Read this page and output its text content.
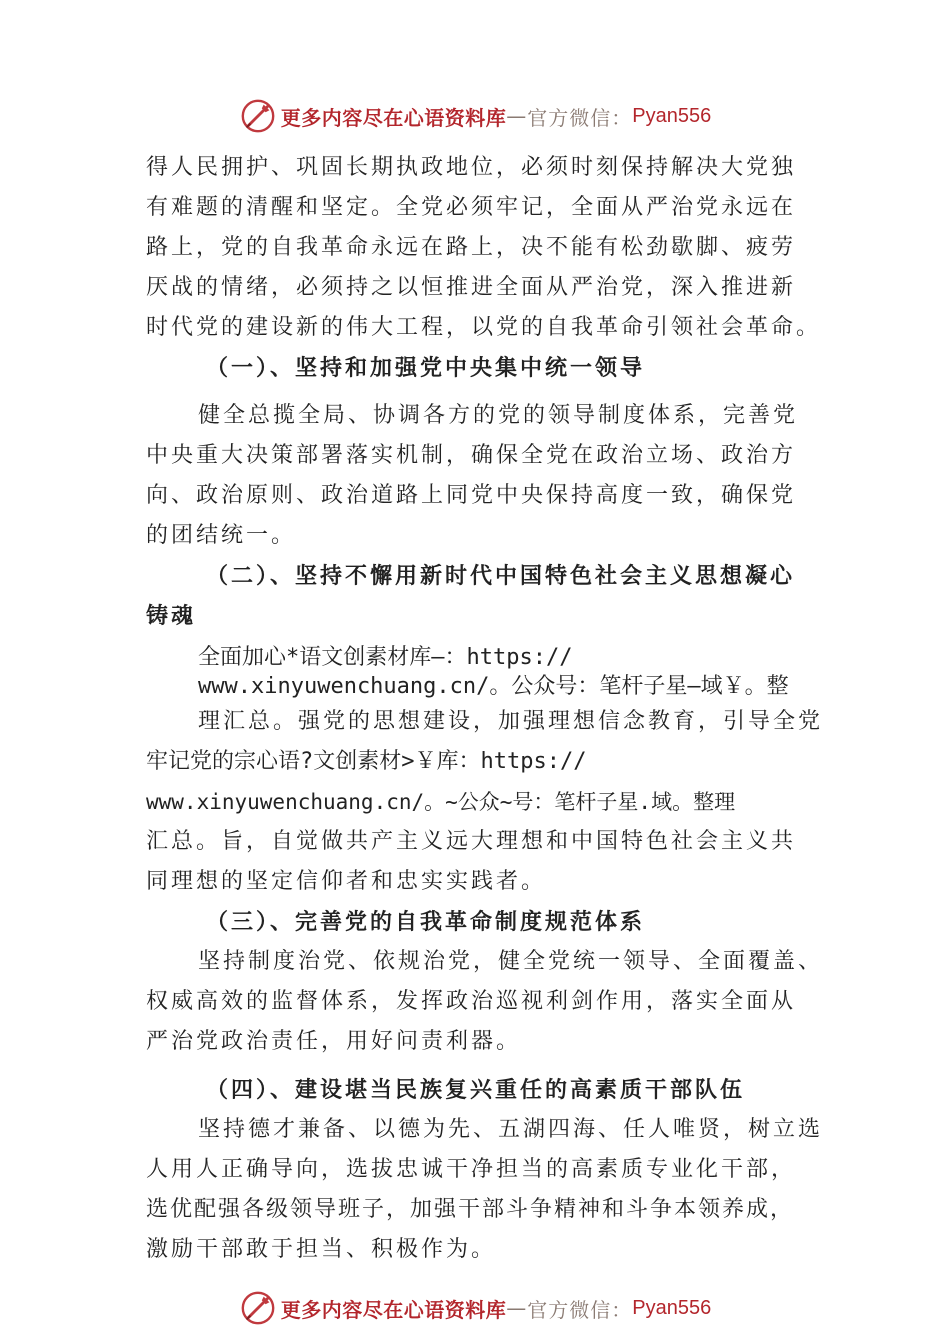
更多内容尽在心语资料库 — 官方微信： Pyan556
得人民拥护、巩固长期执政地位，必须时刻保持解决大党独
有难题的清醒和坚定。全党必须牢记，全面从严治党永远在
路上，党的自我革命永远在路上，决不能有松劲歇脚、疲劳
厌战的情绪，必须持之以恒推进全面从严治党，深入推进新
时代党的建设新的伟大工程，以党的自我革命引领社会革命。
（一）、坚持和加强党中央集中统一领导
健全总揽全局、协调各方的党的领导制度体系，完善党
中央重大决策部署落实机制，确保全党在政治立场、政治方
向、政治原则、政治道路上同党中央保持高度一致，确保党
的团结统一。
（二）、坚持不懈用新时代中国特色社会主义思想凝心
铸魂
全面加心*语文创素材库—：https://
www.xinyuwenchuang.cn/。公众号：笔杆子星—域￥。整
理汇总。强党的思想建设，加强理想信念教育，引导全党
牢记党的宗心语?文创素材>￥库：https://
www.xinyuwenchuang.cn/。~公众~号：笔杆子星.域。整理
汇总。旨，自觉做共产主义远大理想和中国特色社会主义共
同理想的坚定信仰者和忠实实践者。
（三）、完善党的自我革命制度规范体系
坚持制度治党、依规治党，健全党统一领导、全面覆盖、
权威高效的监督体系，发挥政治巡视利剑作用，落实全面从
严治党政治责任，用好问责利器。
（四）、建设堪当民族复兴重任的高素质干部队伍
坚持德才兼备、以德为先、五湖四海、任人唯贤，树立选
人用人正确导向，选拔忠诚干净担当的高素质专业化干部，
选优配强各级领导班子，加强干部斗争精神和斗争本领养成，
激励干部敢于担当、积极作为。
更多内容尽在心语资料库 — 官方微信： Pyan556
